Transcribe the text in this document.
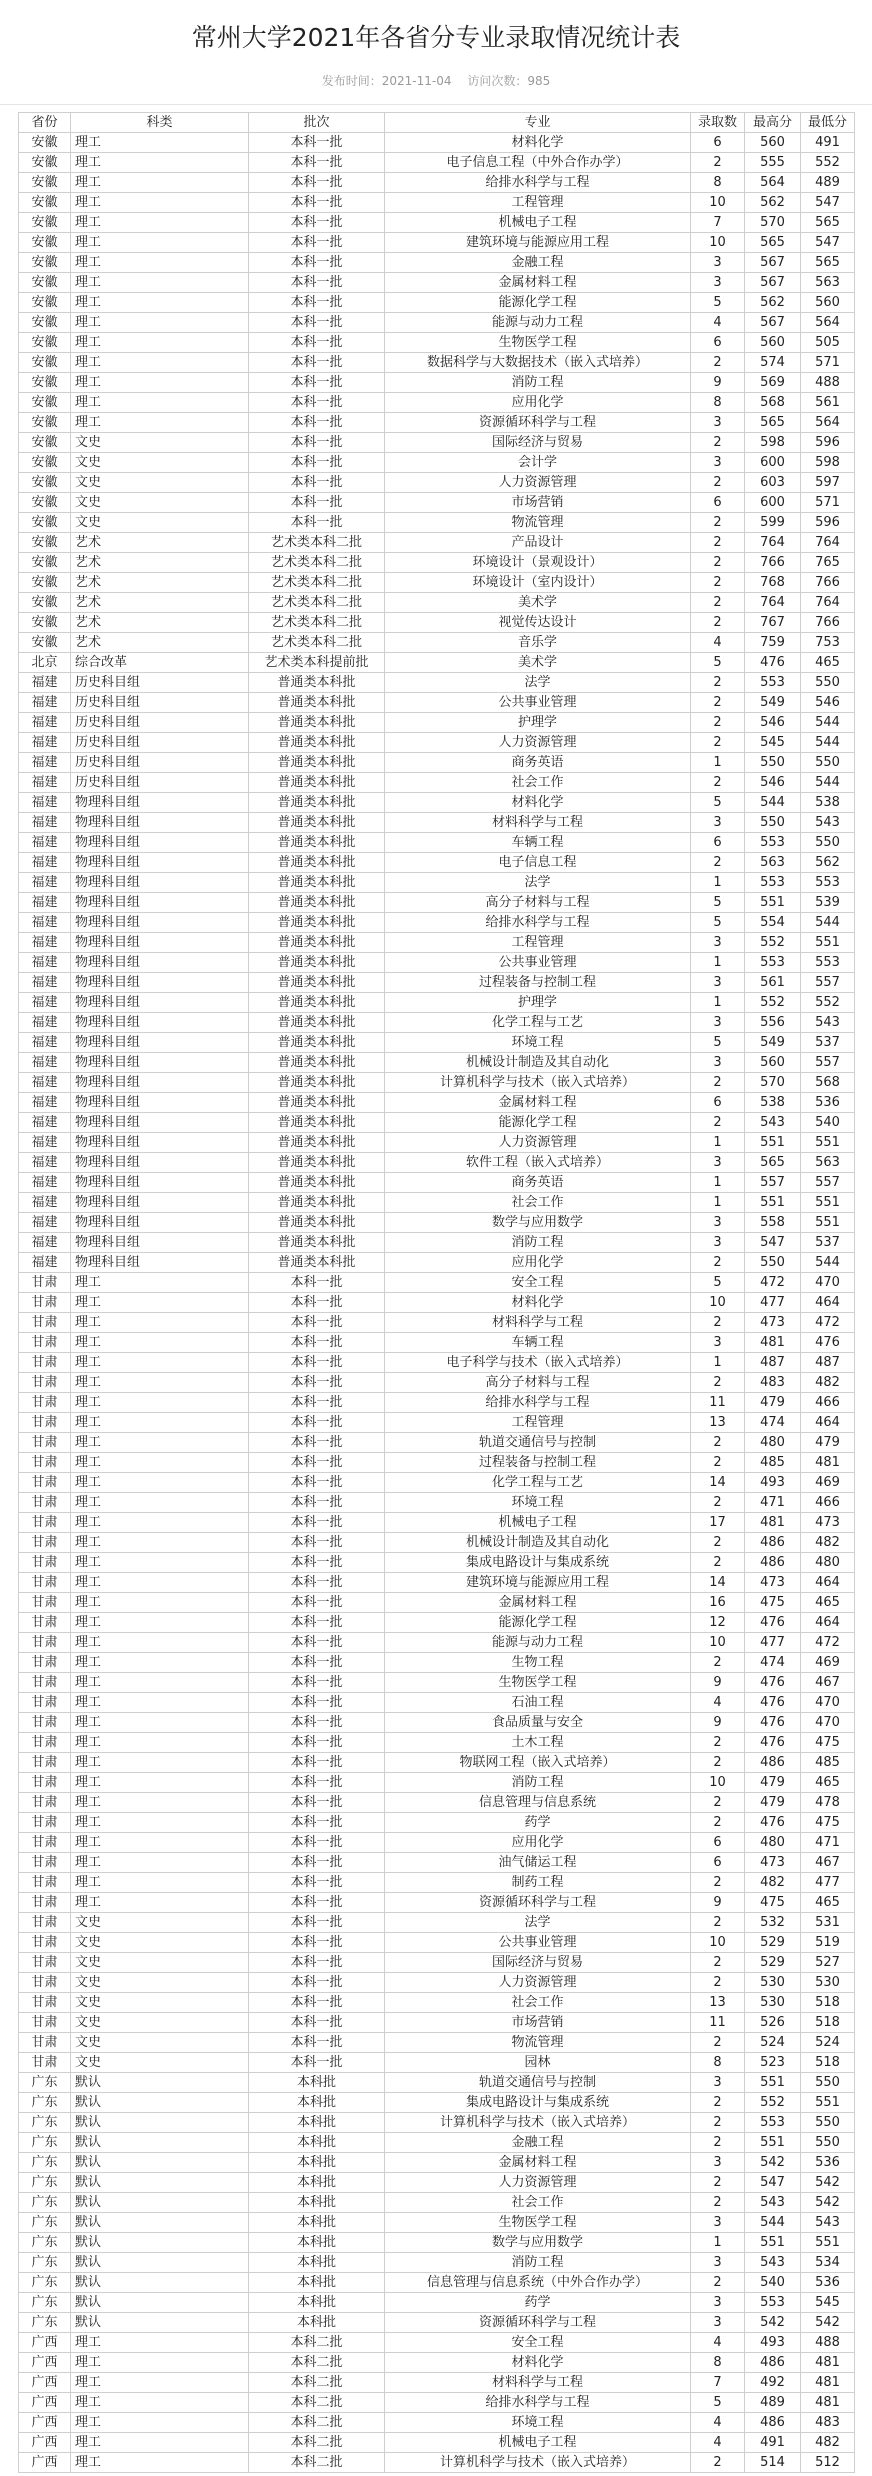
常州大学2021年各省分专业录取情况统计表
发布时间：2021-11-04 访问次数：985
省份	科类	批次	专业	录取数	最高分	最低分
安徽	理工	本科一批	材料化学	6	560	491
安徽	理工	本科一批	电子信息工程（中外合作办学）	2	555	552
安徽	理工	本科一批	给排水科学与工程	8	564	489
安徽	理工	本科一批	工程管理	10	562	547
安徽	理工	本科一批	机械电子工程	7	570	565
安徽	理工	本科一批	建筑环境与能源应用工程	10	565	547
安徽	理工	本科一批	金融工程	3	567	565
安徽	理工	本科一批	金属材料工程	3	567	563
安徽	理工	本科一批	能源化学工程	5	562	560
安徽	理工	本科一批	能源与动力工程	4	567	564
安徽	理工	本科一批	生物医学工程	6	560	505
安徽	理工	本科一批	数据科学与大数据技术（嵌入式培养）	2	574	571
安徽	理工	本科一批	消防工程	9	569	488
安徽	理工	本科一批	应用化学	8	568	561
安徽	理工	本科一批	资源循环科学与工程	3	565	564
安徽	文史	本科一批	国际经济与贸易	2	598	596
安徽	文史	本科一批	会计学	3	600	598
安徽	文史	本科一批	人力资源管理	2	603	597
安徽	文史	本科一批	市场营销	6	600	571
安徽	文史	本科一批	物流管理	2	599	596
安徽	艺术	艺术类本科二批	产品设计	2	764	764
安徽	艺术	艺术类本科二批	环境设计（景观设计）	2	766	765
安徽	艺术	艺术类本科二批	环境设计（室内设计）	2	768	766
安徽	艺术	艺术类本科二批	美术学	2	764	764
安徽	艺术	艺术类本科二批	视觉传达设计	2	767	766
安徽	艺术	艺术类本科二批	音乐学	4	759	753
北京	综合改革	艺术类本科提前批	美术学	5	476	465
福建	历史科目组	普通类本科批	法学	2	553	550
福建	历史科目组	普通类本科批	公共事业管理	2	549	546
福建	历史科目组	普通类本科批	护理学	2	546	544
福建	历史科目组	普通类本科批	人力资源管理	2	545	544
福建	历史科目组	普通类本科批	商务英语	1	550	550
福建	历史科目组	普通类本科批	社会工作	2	546	544
福建	物理科目组	普通类本科批	材料化学	5	544	538
福建	物理科目组	普通类本科批	材料科学与工程	3	550	543
福建	物理科目组	普通类本科批	车辆工程	6	553	550
福建	物理科目组	普通类本科批	电子信息工程	2	563	562
福建	物理科目组	普通类本科批	法学	1	553	553
福建	物理科目组	普通类本科批	高分子材料与工程	5	551	539
福建	物理科目组	普通类本科批	给排水科学与工程	5	554	544
福建	物理科目组	普通类本科批	工程管理	3	552	551
福建	物理科目组	普通类本科批	公共事业管理	1	553	553
福建	物理科目组	普通类本科批	过程装备与控制工程	3	561	557
福建	物理科目组	普通类本科批	护理学	1	552	552
福建	物理科目组	普通类本科批	化学工程与工艺	3	556	543
福建	物理科目组	普通类本科批	环境工程	5	549	537
福建	物理科目组	普通类本科批	机械设计制造及其自动化	3	560	557
福建	物理科目组	普通类本科批	计算机科学与技术（嵌入式培养）	2	570	568
福建	物理科目组	普通类本科批	金属材料工程	6	538	536
福建	物理科目组	普通类本科批	能源化学工程	2	543	540
福建	物理科目组	普通类本科批	人力资源管理	1	551	551
福建	物理科目组	普通类本科批	软件工程（嵌入式培养）	3	565	563
福建	物理科目组	普通类本科批	商务英语	1	557	557
福建	物理科目组	普通类本科批	社会工作	1	551	551
福建	物理科目组	普通类本科批	数学与应用数学	3	558	551
福建	物理科目组	普通类本科批	消防工程	3	547	537
福建	物理科目组	普通类本科批	应用化学	2	550	544
甘肃	理工	本科一批	安全工程	5	472	470
甘肃	理工	本科一批	材料化学	10	477	464
甘肃	理工	本科一批	材料科学与工程	2	473	472
甘肃	理工	本科一批	车辆工程	3	481	476
甘肃	理工	本科一批	电子科学与技术（嵌入式培养）	1	487	487
甘肃	理工	本科一批	高分子材料与工程	2	483	482
甘肃	理工	本科一批	给排水科学与工程	11	479	466
甘肃	理工	本科一批	工程管理	13	474	464
甘肃	理工	本科一批	轨道交通信号与控制	2	480	479
甘肃	理工	本科一批	过程装备与控制工程	2	485	481
甘肃	理工	本科一批	化学工程与工艺	14	493	469
甘肃	理工	本科一批	环境工程	2	471	466
甘肃	理工	本科一批	机械电子工程	17	481	473
甘肃	理工	本科一批	机械设计制造及其自动化	2	486	482
甘肃	理工	本科一批	集成电路设计与集成系统	2	486	480
甘肃	理工	本科一批	建筑环境与能源应用工程	14	473	464
甘肃	理工	本科一批	金属材料工程	16	475	465
甘肃	理工	本科一批	能源化学工程	12	476	464
甘肃	理工	本科一批	能源与动力工程	10	477	472
甘肃	理工	本科一批	生物工程	2	474	469
甘肃	理工	本科一批	生物医学工程	9	476	467
甘肃	理工	本科一批	石油工程	4	476	470
甘肃	理工	本科一批	食品质量与安全	9	476	470
甘肃	理工	本科一批	土木工程	2	476	475
甘肃	理工	本科一批	物联网工程（嵌入式培养）	2	486	485
甘肃	理工	本科一批	消防工程	10	479	465
甘肃	理工	本科一批	信息管理与信息系统	2	479	478
甘肃	理工	本科一批	药学	2	476	475
甘肃	理工	本科一批	应用化学	6	480	471
甘肃	理工	本科一批	油气储运工程	6	473	467
甘肃	理工	本科一批	制药工程	2	482	477
甘肃	理工	本科一批	资源循环科学与工程	9	475	465
甘肃	文史	本科一批	法学	2	532	531
甘肃	文史	本科一批	公共事业管理	10	529	519
甘肃	文史	本科一批	国际经济与贸易	2	529	527
甘肃	文史	本科一批	人力资源管理	2	530	530
甘肃	文史	本科一批	社会工作	13	530	518
甘肃	文史	本科一批	市场营销	11	526	518
甘肃	文史	本科一批	物流管理	2	524	524
甘肃	文史	本科一批	园林	8	523	518
广东	默认	本科批	轨道交通信号与控制	3	551	550
广东	默认	本科批	集成电路设计与集成系统	2	552	551
广东	默认	本科批	计算机科学与技术（嵌入式培养）	2	553	550
广东	默认	本科批	金融工程	2	551	550
广东	默认	本科批	金属材料工程	3	542	536
广东	默认	本科批	人力资源管理	2	547	542
广东	默认	本科批	社会工作	2	543	542
广东	默认	本科批	生物医学工程	3	544	543
广东	默认	本科批	数学与应用数学	1	551	551
广东	默认	本科批	消防工程	3	543	534
广东	默认	本科批	信息管理与信息系统（中外合作办学）	2	540	536
广东	默认	本科批	药学	3	553	545
广东	默认	本科批	资源循环科学与工程	3	542	542
广西	理工	本科二批	安全工程	4	493	488
广西	理工	本科二批	材料化学	8	486	481
广西	理工	本科二批	材料科学与工程	7	492	481
广西	理工	本科二批	给排水科学与工程	5	489	481
广西	理工	本科二批	环境工程	4	486	483
广西	理工	本科二批	机械电子工程	4	491	482
广西	理工	本科二批	计算机科学与技术（嵌入式培养）	2	514	512
